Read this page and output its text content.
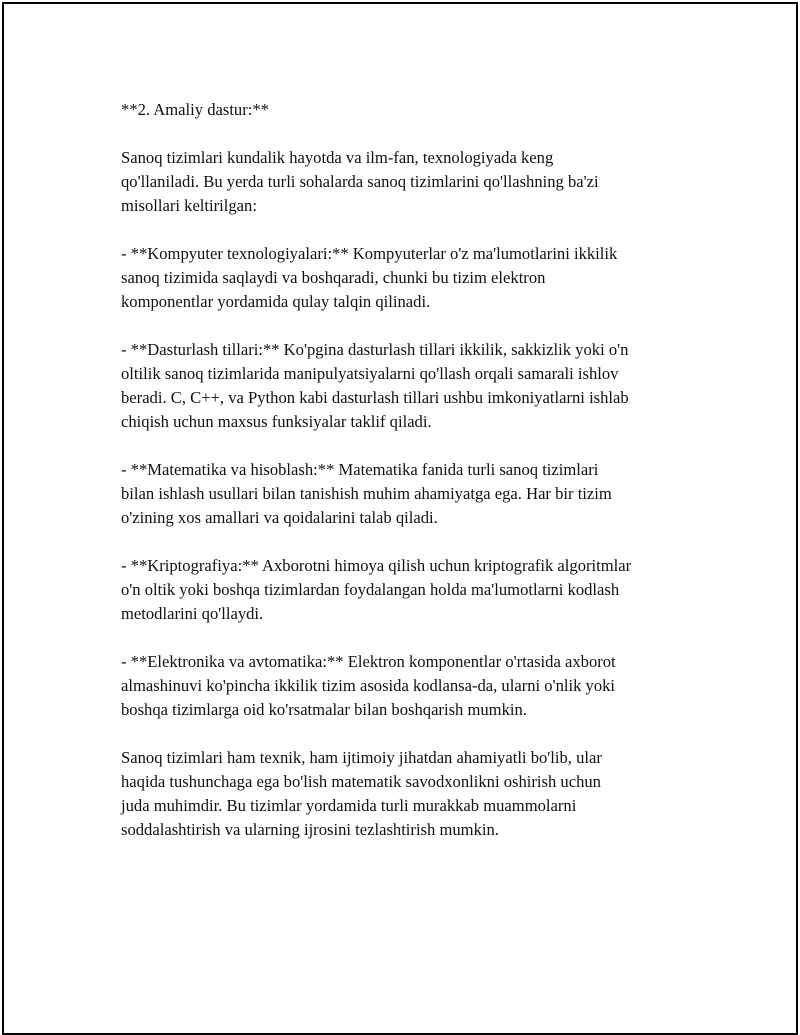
**2. Amaliy dastur:**

Sanoq tizimlari kundalik hayotda va ilm-fan, texnologiyada keng
qo'llaniladi. Bu yerda turli sohalarda sanoq tizimlarini qo'llashning ba'zi
misollari keltirilgan:

- **Kompyuter texnologiyalari:** Kompyuterlar o'z ma'lumotlarini ikkilik
sanoq tizimida saqlaydi va boshqaradi, chunki bu tizim elektron
komponentlar yordamida qulay talqin qilinadi.

- **Dasturlash tillari:** Ko'pgina dasturlash tillari ikkilik, sakkizlik yoki o'n
oltilik sanoq tizimlarida manipulyatsiyalarni qo'llash orqali samarali ishlov
beradi. C, C++, va Python kabi dasturlash tillari ushbu imkoniyatlarni ishlab
chiqish uchun maxsus funksiyalar taklif qiladi.

- **Matematika va hisoblash:** Matematika fanida turli sanoq tizimlari
bilan ishlash usullari bilan tanishish muhim ahamiyatga ega. Har bir tizim
o'zining xos amallari va qoidalarini talab qiladi.

- **Kriptografiya:** Axborotni himoya qilish uchun kriptografik algoritmlar
o'n oltik yoki boshqa tizimlardan foydalangan holda ma'lumotlarni kodlash
metodlarini qo'llaydi.

- **Elektronika va avtomatika:** Elektron komponentlar o'rtasida axborot
almashinuvi ko'pincha ikkilik tizim asosida kodlansa-da, ularni o'nlik yoki
boshqa tizimlarga oid ko'rsatmalar bilan boshqarish mumkin.

Sanoq tizimlari ham texnik, ham ijtimoiy jihatdan ahamiyatli bo'lib, ular
haqida tushunchaga ega bo'lish matematik savodxonlikni oshirish uchun
juda muhimdir. Bu tizimlar yordamida turli murakkab muammolarni
soddalashtirish va ularning ijrosini tezlashtirish mumkin.
